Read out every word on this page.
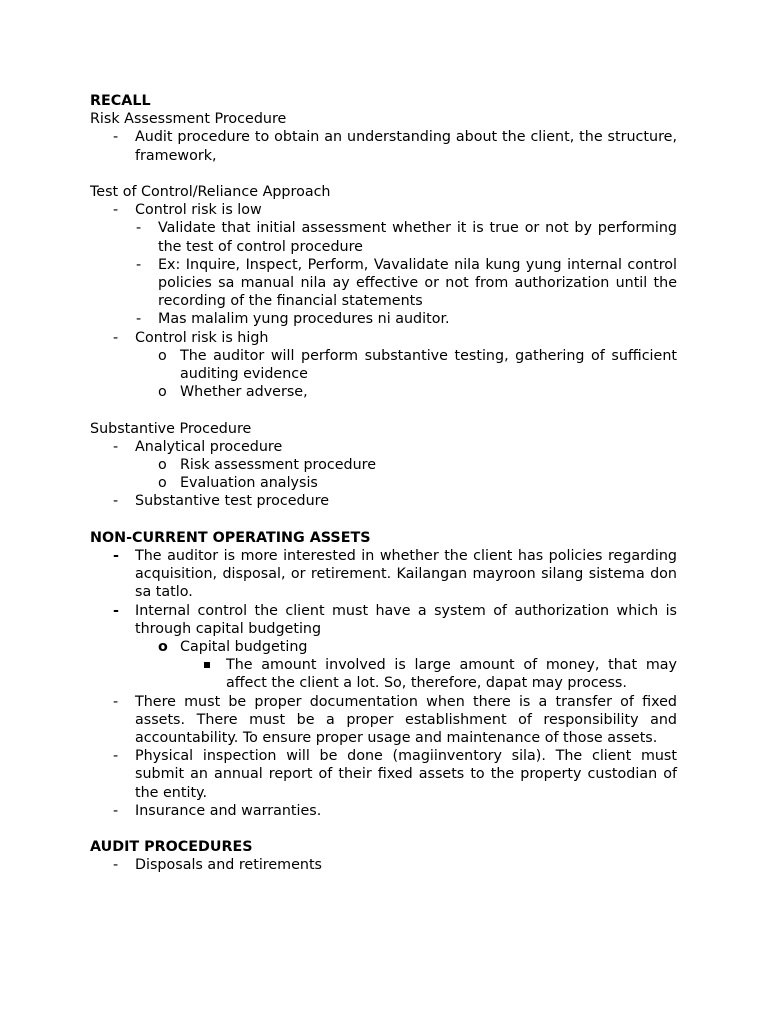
RECALL
Risk Assessment Procedure
- Audit procedure to obtain an understanding about the client, the structure, framework,
Test of Control/Reliance Approach
- Control risk is low
- Validate that initial assessment whether it is true or not by performing the test of control procedure
- Ex: Inquire, Inspect, Perform, Vavalidate nila kung yung internal control policies sa manual nila ay effective or not from authorization until the recording of the financial statements
- Mas malalim yung procedures ni auditor.
- Control risk is high
o The auditor will perform substantive testing, gathering of sufficient auditing evidence
o Whether adverse,
Substantive Procedure
- Analytical procedure
o Risk assessment procedure
o Evaluation analysis
- Substantive test procedure
NON-CURRENT OPERATING ASSETS
- The auditor is more interested in whether the client has policies regarding acquisition, disposal, or retirement. Kailangan mayroon silang sistema don sa tatlo.
- Internal control the client must have a system of authorization which is through capital budgeting
o Capital budgeting
The amount involved is large amount of money, that may affect the client a lot. So, therefore, dapat may process.
- There must be proper documentation when there is a transfer of fixed assets. There must be a proper establishment of responsibility and accountability. To ensure proper usage and maintenance of those assets.
- Physical inspection will be done (magiinventory sila). The client must submit an annual report of their fixed assets to the property custodian of the entity.
- Insurance and warranties.
AUDIT PROCEDURES
- Disposals and retirements
